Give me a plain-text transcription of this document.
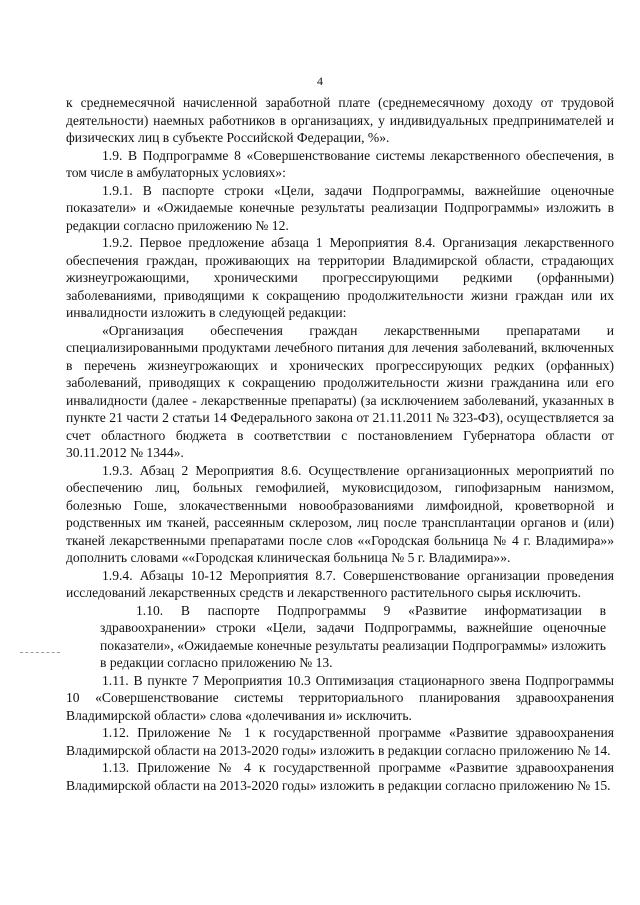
4

к среднемесячной начисленной заработной плате (среднемесячному доходу от трудовой деятельности) наемных работников в организациях, у индивидуальных предпринимателей и физических лиц в субъекте Российской Федерации, %».

1.9. В Подпрограмме 8 «Совершенствование системы лекарственного обеспечения, в том числе в амбулаторных условиях»:

1.9.1. В паспорте строки «Цели, задачи Подпрограммы, важнейшие оценочные показатели» и «Ожидаемые конечные результаты реализации Подпрограммы» изложить в редакции согласно приложению № 12.

1.9.2. Первое предложение абзаца 1 Мероприятия 8.4. Организация лекарственного обеспечения граждан, проживающих на территории Владимирской области, страдающих жизнеугрожающими, хроническими прогрессирующими редкими (орфанными) заболеваниями, приводящими к сокращению продолжительности жизни граждан или их инвалидности изложить в следующей редакции:

«Организация обеспечения граждан лекарственными препаратами и специализированными продуктами лечебного питания для лечения заболеваний, включенных в перечень жизнеугрожающих и хронических прогрессирующих редких (орфанных) заболеваний, приводящих к сокращению продолжительности жизни гражданина или его инвалидности (далее - лекарственные препараты) (за исключением заболеваний, указанных в пункте 21 части 2 статьи 14 Федерального закона от 21.11.2011 № 323-ФЗ), осуществляется за счет областного бюджета в соответствии с постановлением Губернатора области от 30.11.2012 № 1344».

1.9.3. Абзац 2 Мероприятия 8.6. Осуществление организационных мероприятий по обеспечению лиц, больных гемофилией, муковисцидозом, гипофизарным нанизмом, болезнью Гоше, злокачественными новообразованиями лимфоидной, кроветворной и родственных им тканей, рассеянным склерозом, лиц после трансплантации органов и (или) тканей лекарственными препаратами после слов ««Городская больница № 4 г. Владимира»» дополнить словами ««Городская клиническая больница № 5 г. Владимира»».

1.9.4. Абзацы 10-12 Мероприятия 8.7. Совершенствование организации проведения исследований лекарственных средств и лекарственного растительного сырья исключить.

1.10. В паспорте Подпрограммы 9 «Развитие информатизации в здравоохранении» строки «Цели, задачи Подпрограммы, важнейшие оценочные показатели», «Ожидаемые конечные результаты реализации Подпрограммы» изложить в редакции согласно приложению № 13.

1.11. В пункте 7 Мероприятия 10.3 Оптимизация стационарного звена Подпрограммы 10 «Совершенствование системы территориального планирования здравоохранения Владимирской области» слова «долечивания и» исключить.

1.12. Приложение № 1 к государственной программе «Развитие здравоохранения Владимирской области на 2013-2020 годы» изложить в редакции согласно приложению № 14.

1.13. Приложение № 4 к государственной программе «Развитие здравоохранения Владимирской области на 2013-2020 годы» изложить в редакции согласно приложению № 15.
